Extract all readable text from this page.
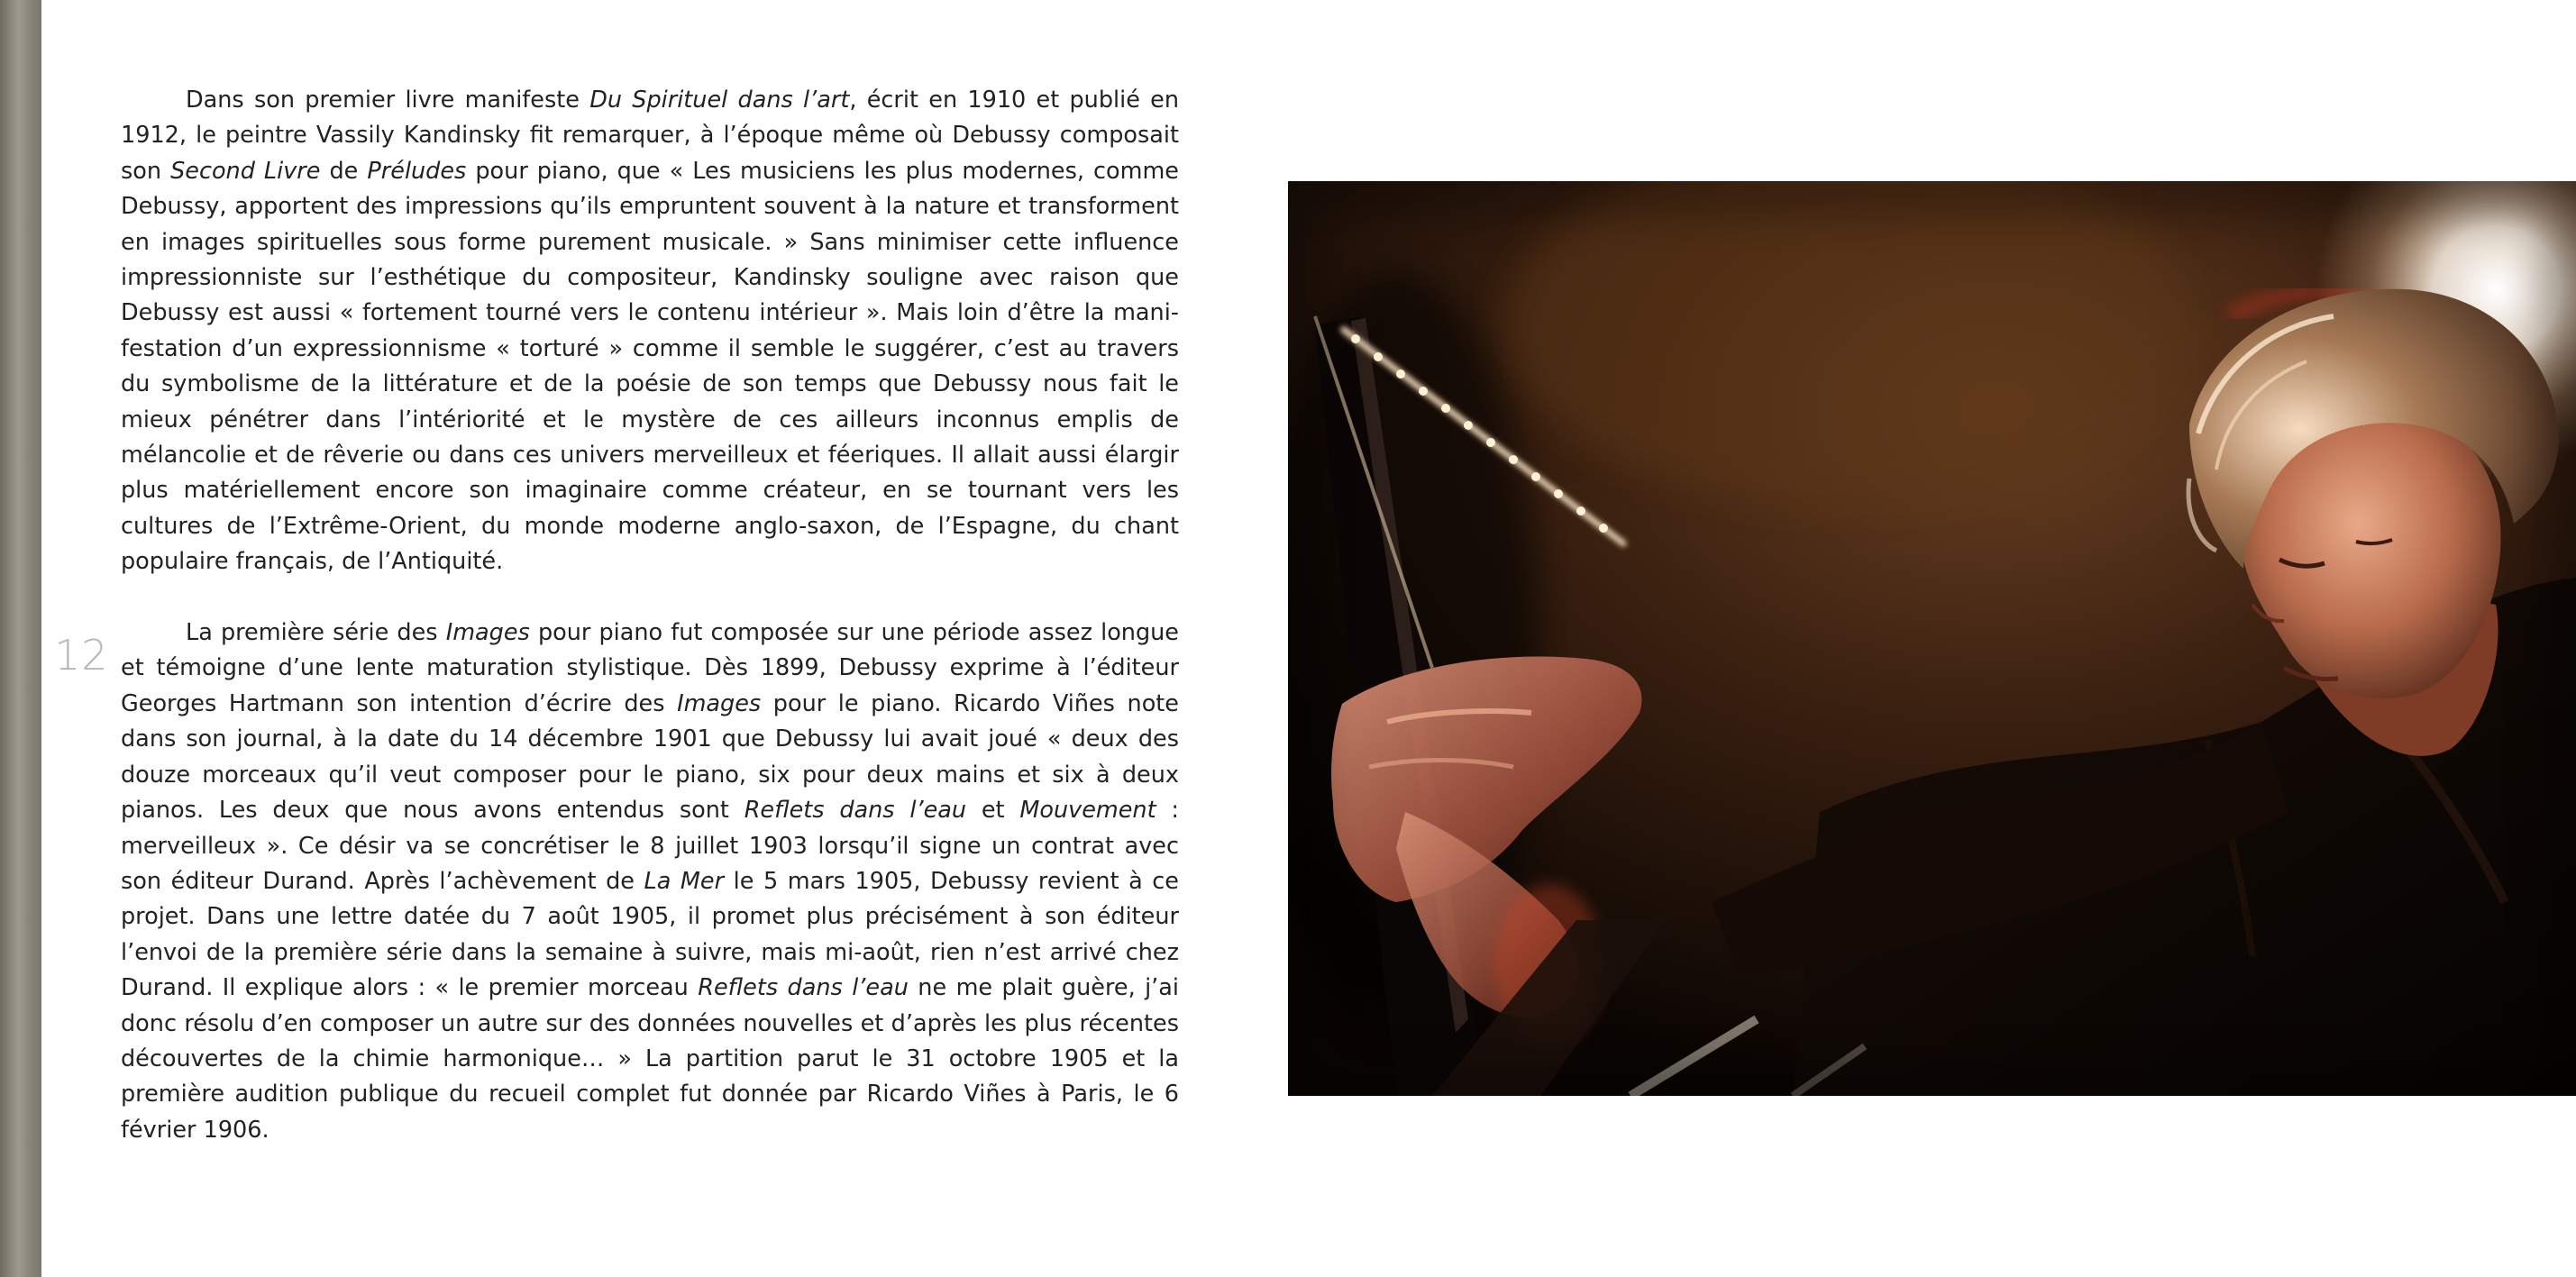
12

Dans son premier livre manifeste Du Spirituel dans l’art, écrit en 1910 et publié en 1912, le peintre Vassily Kandinsky fit remarquer, à l’époque même où Debussy composait son Second Livre de Préludes pour piano, que « Les musiciens les plus modernes, comme Debussy, apportent des impressions qu’ils empruntent souvent à la nature et transforment en images spirituelles sous forme purement musicale. » Sans minimiser cette influence impressionniste sur l’esthétique du compositeur, Kandinsky souligne avec raison que Debussy est aussi « fortement tourné vers le contenu intérieur ». Mais loin d’être la manifestation d’un expressionnisme « torturé » comme il semble le suggérer, c’est au travers du symbolisme de la littérature et de la poésie de son temps que Debussy nous fait le mieux pénétrer dans l’intériorité et le mystère de ces ailleurs inconnus emplis de mélancolie et de rêverie ou dans ces univers merveilleux et féeriques. Il allait aussi élargir plus matériellement encore son imaginaire comme créateur, en se tournant vers les cultures de l’Extrême-Orient, du monde moderne anglo-saxon, de l’Espagne, du chant populaire français, de l’Antiquité.

La première série des Images pour piano fut composée sur une période assez longue et témoigne d’une lente maturation stylistique. Dès 1899, Debussy exprime à l’éditeur Georges Hartmann son intention d’écrire des Images pour le piano. Ricardo Viñes note dans son journal, à la date du 14 décembre 1901 que Debussy lui avait joué « deux des douze morceaux qu’il veut composer pour le piano, six pour deux mains et six à deux pianos. Les deux que nous avons entendus sont Reflets dans l’eau et Mouvement : merveilleux ». Ce désir va se concrétiser le 8 juillet 1903 lorsqu’il signe un contrat avec son éditeur Durand. Après l’achèvement de La Mer le 5 mars 1905, Debussy revient à ce projet. Dans une lettre datée du 7 août 1905, il promet plus précisément à son éditeur l’envoi de la première série dans la semaine à suivre, mais mi-août, rien n’est arrivé chez Durand. Il explique alors : « le premier morceau Reflets dans l’eau ne me plait guère, j’ai donc résolu d’en composer un autre sur des données nouvelles et d’après les plus récentes découvertes de la chimie harmonique… » La partition parut le 31 octobre 1905 et la première audition publique du recueil complet fut donnée par Ricardo Viñes à Paris, le 6 février 1906.
